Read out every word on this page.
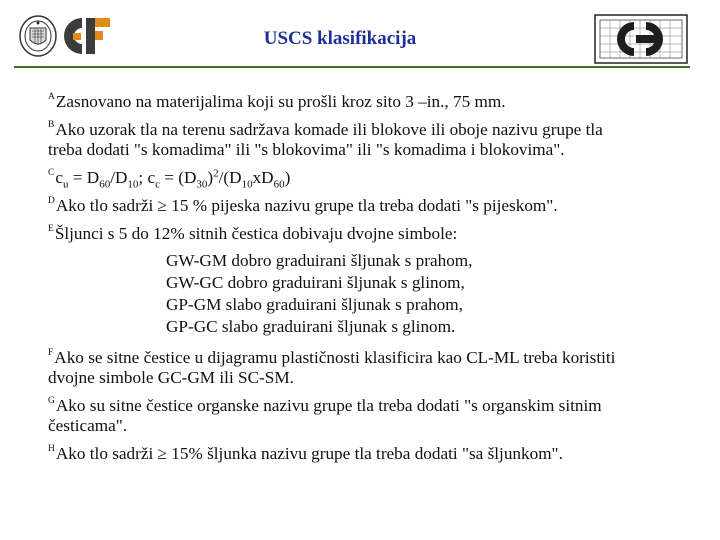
USCS klasifikacija
$^A$Zasnovano na materijalima koji su prošli kroz sito 3 –in., 75 mm.
$^B$Ako uzorak tla na terenu sadržava komade ili blokove ili oboje nazivu grupe tla
treba dodati "s komadima" ili "s blokovima" ili "s komadima i blokovima".
$^Cc_u = D_{60}/D_{10}$; $c_c = (D_{30})^2/(D_{10}xD_{60})$
$^D$Ako tlo sadrži ≥ 15 % pijeska nazivu grupe tla treba dodati "s pijeskom".
$^E$Šljunci s 5 do 12% sitnih čestica dobivaju dvojne simbole:
GW-GM dobro graduirani šljunak s prahom,
GW-GC dobro graduirani šljunak s glinom,
GP-GM slabo graduirani šljunak s prahom,
GP-GC slabo graduirani šljunak s glinom.
$^F$Ako se sitne čestice u dijagramu plastičnosti klasificira kao CL-ML treba koristiti
dvojne simbole GC-GM ili SC-SM.
$^G$Ako su sitne čestice organske nazivu grupe tla treba dodati "s organskim sitnim
česticama".
$^H$Ako tlo sadrži ≥ 15% šljunka nazivu grupe tla treba dodati "sa šljunkom".
